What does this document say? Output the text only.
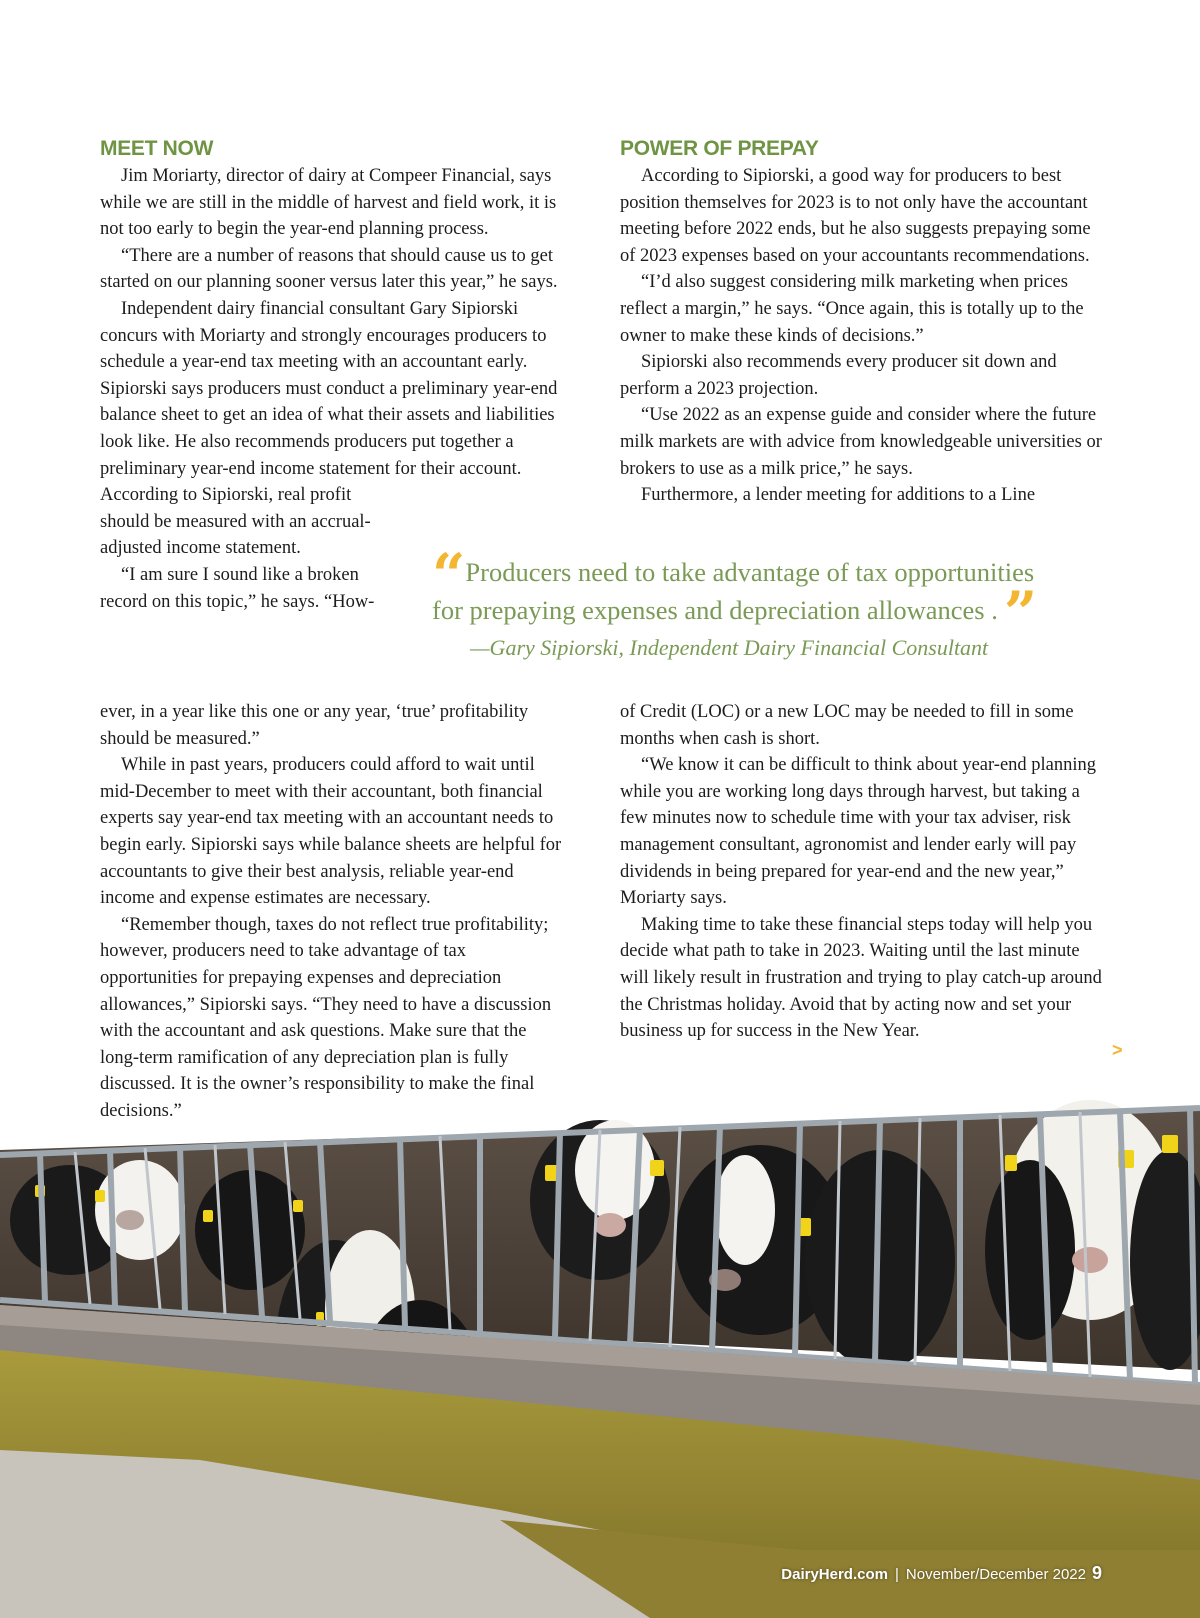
MEET NOW

Jim Moriarty, director of dairy at Compeer Financial, says while we are still in the middle of harvest and field work, it is not too early to begin the year-end planning process.

“There are a number of reasons that should cause us to get started on our planning sooner versus later this year,” he says.

Independent dairy financial consultant Gary Sipiorski concurs with Moriarty and strongly encourages producers to schedule a year-end tax meeting with an accountant early. Sipiorski says producers must conduct a preliminary year-end balance sheet to get an idea of what their assets and liabilities look like. He also recommends producers put together a preliminary year-end income statement for their account.

According to Sipiorski, real profit should be measured with an accrual-adjusted income statement.

“I am sure I sound like a broken record on this topic,” he says. “How-

ever, in a year like this one or any year, ‘true’ profitability should be measured.”

While in past years, producers could afford to wait until mid-December to meet with their accountant, both financial experts say year-end tax meeting with an accountant needs to begin early. Sipiorski says while balance sheets are helpful for accountants to give their best analysis, reliable year-end income and expense estimates are necessary.

“Remember though, taxes do not reflect true profitability; however, producers need to take advantage of tax opportunities for prepaying expenses and depreciation allowances,” Sipiorski says. “They need to have a discussion with the accountant and ask questions. Make sure that the long-term ramification of any depreciation plan is fully discussed. It is the owner’s responsibility to make the final decisions.”

POWER OF PREPAY

According to Sipiorski, a good way for producers to best position themselves for 2023 is to not only have the accountant meeting before 2022 ends, but he also suggests prepaying some of 2023 expenses based on your accountants recommendations.

“I’d also suggest considering milk marketing when prices reflect a margin,” he says. “Once again, this is totally up to the owner to make these kinds of decisions.”

Sipiorski also recommends every producer sit down and perform a 2023 projection.

“Use 2022 as an expense guide and consider where the future milk markets are with advice from knowledgeable universities or brokers to use as a milk price,” he says.

Furthermore, a lender meeting for additions to a Line

of Credit (LOC) or a new LOC may be needed to fill in some months when cash is short.

“We know it can be difficult to think about year-end planning while you are working long days through harvest, but taking a few minutes now to schedule time with your tax adviser, risk management consultant, agronomist and lender early will pay dividends in being prepared for year-end and the new year,” Moriarty says.

Making time to take these financial steps today will help you decide what path to take in 2023. Waiting until the last minute will likely result in frustration and trying to play catch-up around the Christmas holiday. Avoid that by acting now and set your business up for success in the New Year.

“Producers need to take advantage of tax opportunities
for prepaying expenses and depreciation allowances . ”
—Gary Sipiorski, Independent Dairy Financial Consultant
>
DairyHerd.com | November/December 2022 9
